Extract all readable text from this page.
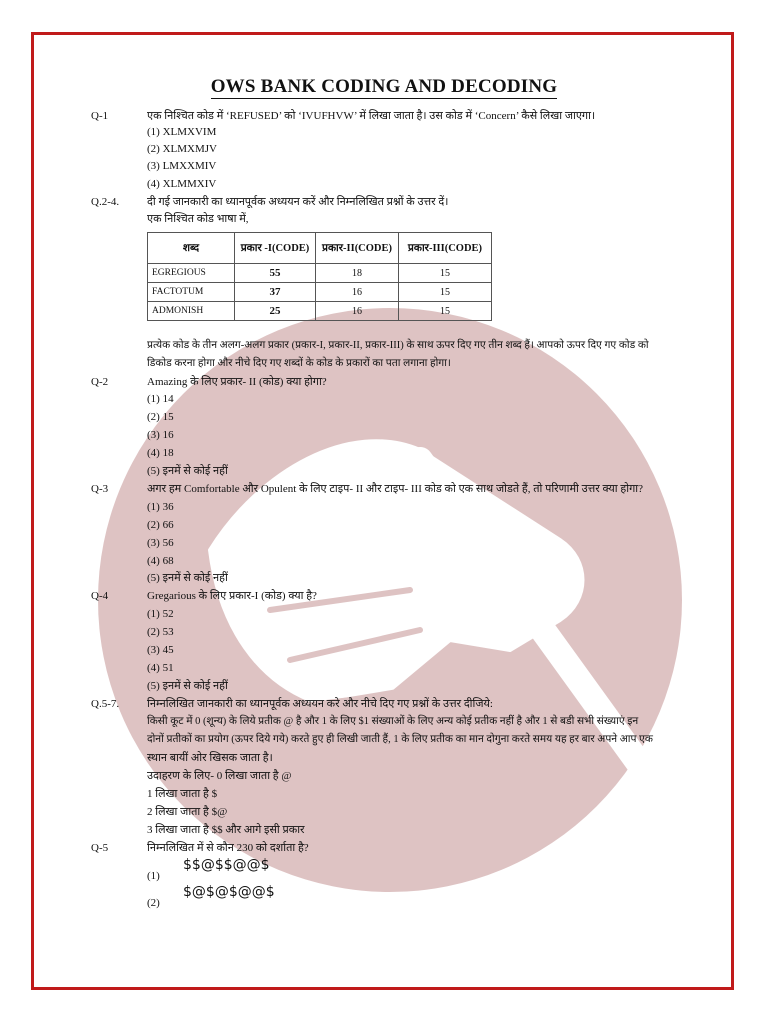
OWS BANK CODING AND DECODING
Q-1	एक निश्चित कोड में ‘REFUSED’ को ‘IVUFHVW’ में लिखा जाता है। उस कोड में ‘Concern’ कैसे लिखा जाएगा।
(1) XLMXVIM
(2) XLMXMJV
(3) LMXXMIV
(4) XLMMXIV
Q.2-4.	दी गई जानकारी का ध्यानपूर्वक अध्ययन करें और निम्नलिखित प्रश्नों के उत्तर दें।
एक निश्चित कोड भाषा में,
शब्द	प्रकार -I(CODE)	प्रकार-II(CODE)	प्रकार-III(CODE)
EGREGIOUS	55	18	15
FACTOTUM	37	16	15
ADMONISH	25	16	15
प्रत्येक कोड के तीन अलग-अलग प्रकार (प्रकार-I, प्रकार-II, प्रकार-III) के साथ ऊपर दिए गए तीन शब्द हैं। आपको ऊपर दिए गए कोड को
डिकोड करना होगा और नीचे दिए गए शब्दों के कोड के प्रकारों का पता लगाना होगा।
Q-2	Amazing के लिए प्रकार- II (कोड) क्या होगा?
(1) 14
(2) 15
(3) 16
(4) 18
(5) इनमें से कोई नहीं
Q-3	अगर हम Comfortable और Opulent के लिए टाइप- II और टाइप- III कोड को एक साथ जोडते हैं, तो परिणामी उत्तर क्या होगा?
(1) 36
(2) 66
(3) 56
(4) 68
(5) इनमें से कोई नहीं
Q-4	Gregarious के लिए प्रकार-I (कोड) क्या है?
(1) 52
(2) 53
(3) 45
(4) 51
(5) इनमें से कोई नहीं
Q.5-7.	निम्नलिखित जानकारी का ध्यानपूर्वक अध्ययन करे और नीचे दिए गए प्रश्नों के उत्तर दीजिये:
किसी कूट में 0 (शून्य) के लिये प्रतीक @ है और 1 के लिए $1 संख्याओं के लिए अन्य कोई प्रतीक नहीं है और 1 से बडी सभी संख्याएं इन
दोनों प्रतीकों का प्रयोग (ऊपर दिये गये) करते हुए ही लिखी जाती हैं, 1 के लिए प्रतीक का मान दोगुना करते समय यह हर बार अपने आप एक
स्थान बायीं ओर खिसक जाता है।
उदाहरण के लिए- 0 लिखा जाता है @
1 लिखा जाता है $
2 लिखा जाता है $@
3 लिखा जाता है $$ और आगे इसी प्रकार
Q-5	निम्नलिखित में से कौन 230 को दर्शाता है?
(1)
$$@$$@@$
(2)
$@$@$@@$
